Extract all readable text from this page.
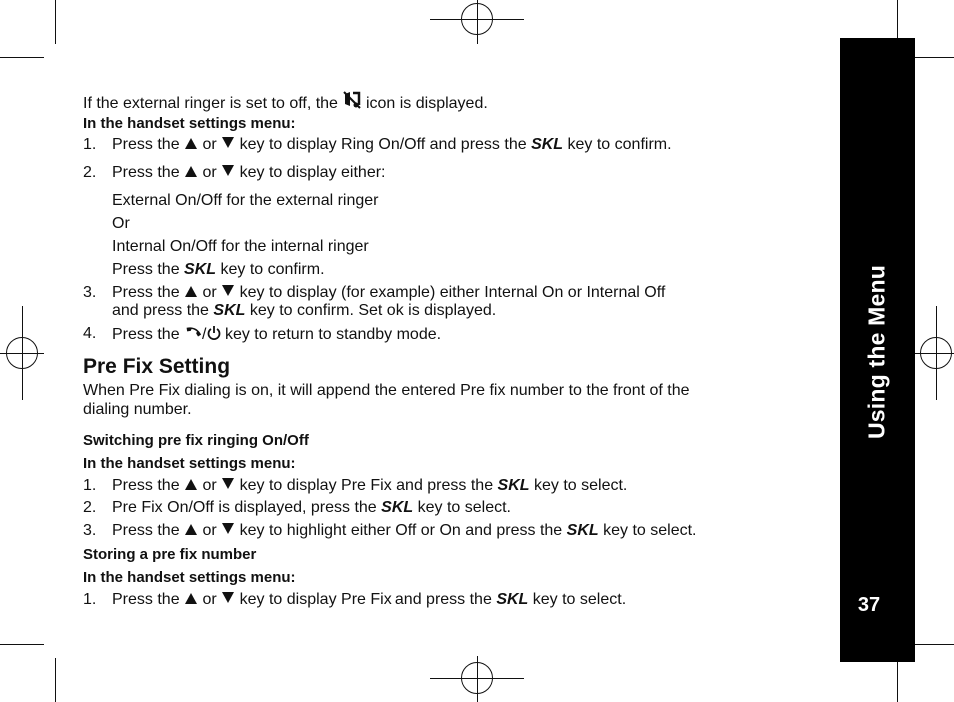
Using the Menu
37
If the external ringer is set to off, the icon is displayed.
In the handset settings menu:
1. Press the or key to display Ring On/Off and press the SKL key to confirm.
2. Press the or key to display either:
External On/Off for the external ringer
Or
Internal On/Off for the internal ringer
Press the SKL key to confirm.
3. Press the or key to display (for example) either Internal On or Internal Off
and press the SKL key to confirm. Set ok is displayed.
4. Press the / key to return to standby mode.
Pre Fix Setting
When Pre Fix dialing is on, it will append the entered Pre fix number to the front of the
dialing number.
Switching pre fix ringing On/Off
In the handset settings menu:
1. Press the or key to display Pre Fix and press the SKL key to select.
2. Pre Fix On/Off is displayed, press the SKL key to select.
3. Press the or key to highlight either Off or On and press the SKL key to select.
Storing a pre fix number
In the handset settings menu:
1. Press the or key to display Pre Fix and press the SKL key to select.
